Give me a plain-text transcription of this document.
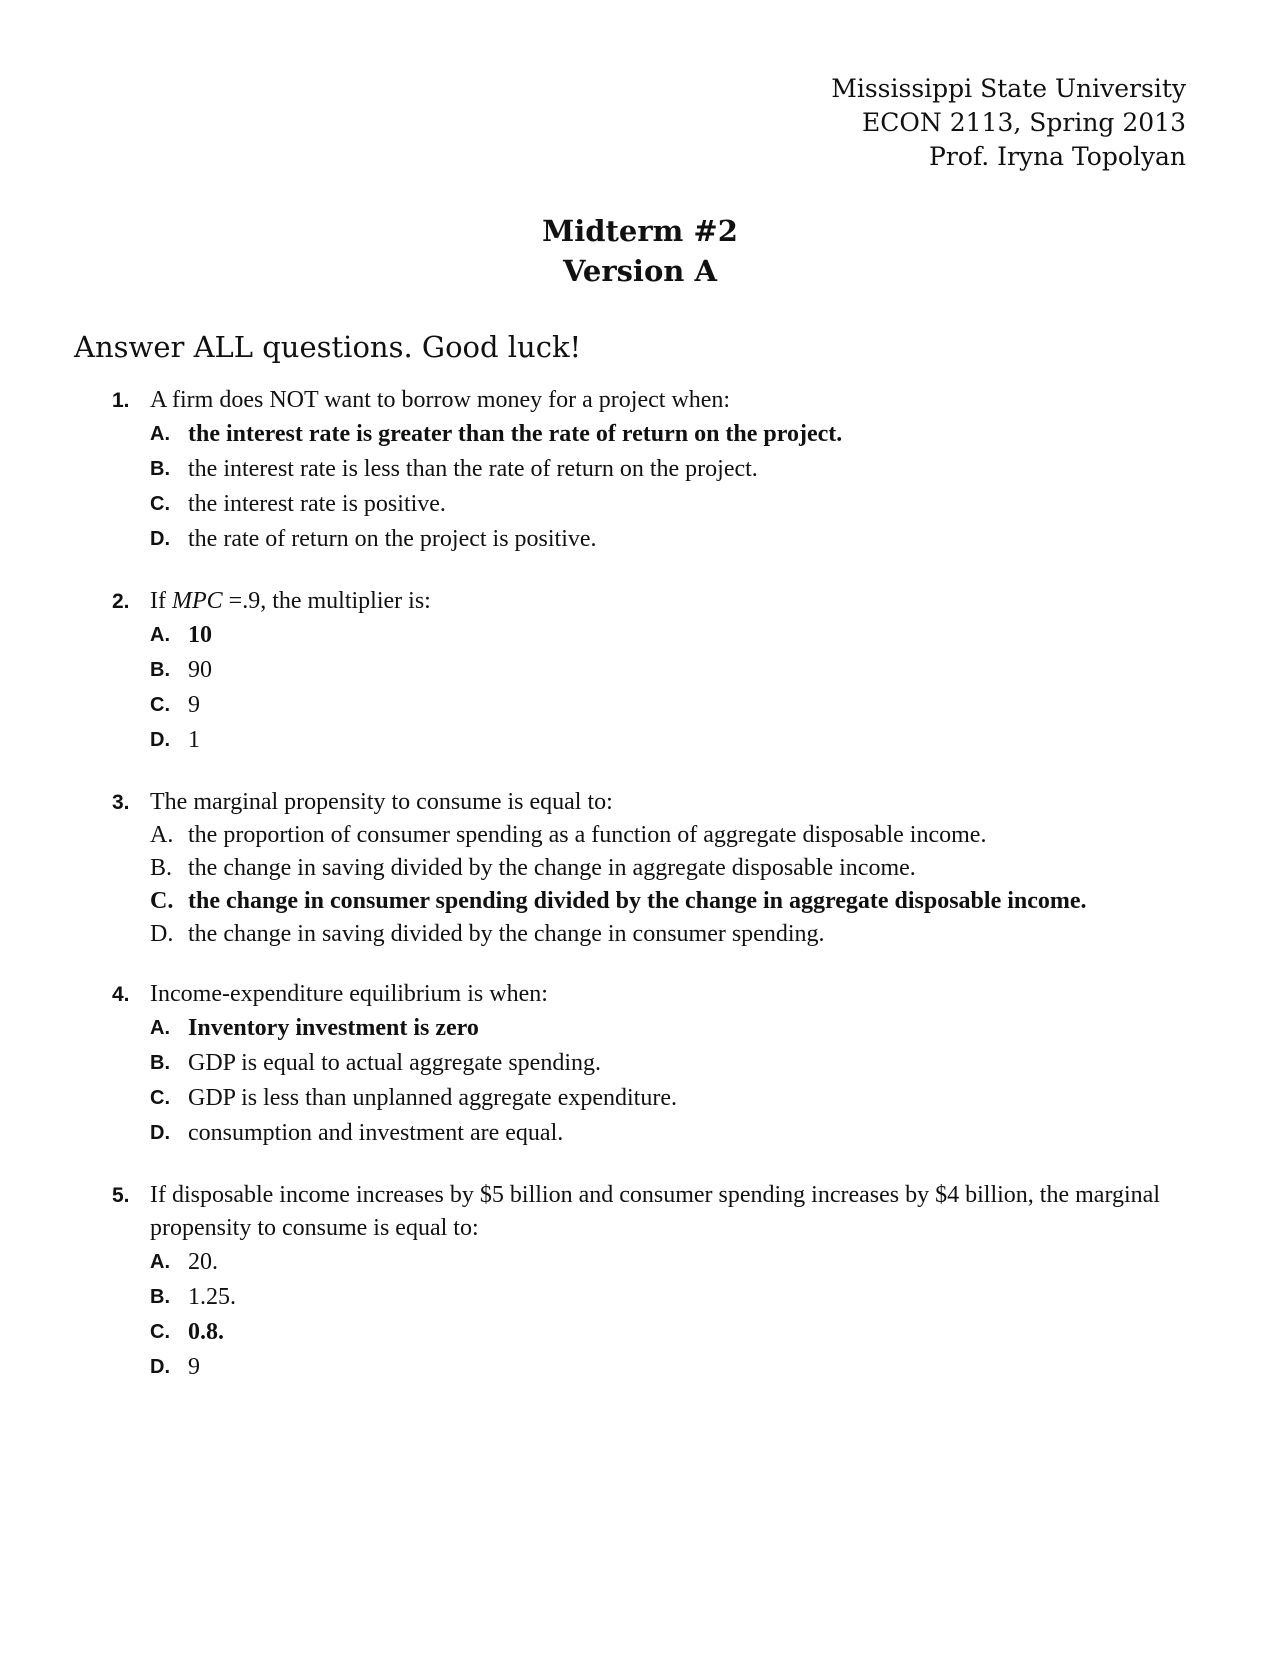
Mississippi State University
ECON 2113, Spring 2013
Prof. Iryna Topolyan
Midterm #2
Version A
Answer ALL questions. Good luck!
1. A firm does NOT want to borrow money for a project when:
A. the interest rate is greater than the rate of return on the project.
B. the interest rate is less than the rate of return on the project.
C. the interest rate is positive.
D. the rate of return on the project is positive.
2. If MPC =.9, the multiplier is:
A. 10
B. 90
C. 9
D. 1
3. The marginal propensity to consume is equal to:
A. the proportion of consumer spending as a function of aggregate disposable income.
B. the change in saving divided by the change in aggregate disposable income.
C. the change in consumer spending divided by the change in aggregate disposable income.
D. the change in saving divided by the change in consumer spending.
4. Income-expenditure equilibrium is when:
A. Inventory investment is zero
B. GDP is equal to actual aggregate spending.
C. GDP is less than unplanned aggregate expenditure.
D. consumption and investment are equal.
5. If disposable income increases by $5 billion and consumer spending increases by $4 billion, the marginal propensity to consume is equal to:
A. 20.
B. 1.25.
C. 0.8.
D. 9
